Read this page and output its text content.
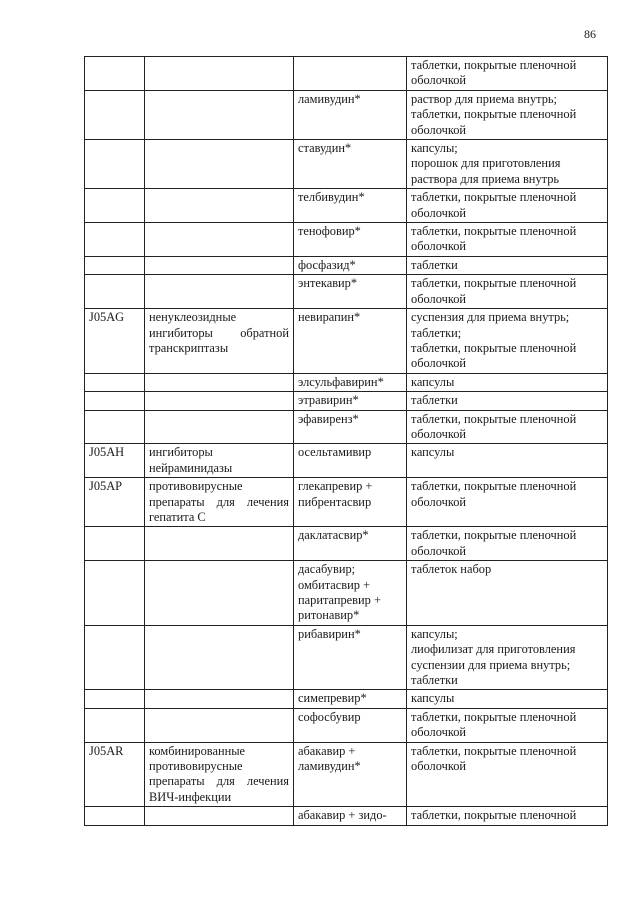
86

			таблетки, покрытые пленочной
оболочкой

		ламивудин*	раствор для приема внутрь;
таблетки, покрытые пленочной
оболочкой

		ставудин*	капсулы;
порошок для приготовления
раствора для приема внутрь

		телбивудин*	таблетки, покрытые пленочной
оболочкой

		тенофовир*	таблетки, покрытые пленочной
оболочкой

		фосфазид*	таблетки

		энтекавир*	таблетки, покрытые пленочной
оболочкой

J05AG	ненуклеозидные ингибиторы обратной транскриптазы	невирапин*	суспензия для приема внутрь;
таблетки;
таблетки, покрытые пленочной
оболочкой

		элсульфавирин*	капсулы

		этравирин*	таблетки

		эфавиренз*	таблетки, покрытые пленочной
оболочкой

J05AH	ингибиторы нейраминидазы	осельтамивир	капсулы

J05AP	противовирусные препараты для лечения гепатита С	глекапревир + пибрентасвир	таблетки, покрытые пленочной
оболочкой

		даклатасвир*	таблетки, покрытые пленочной
оболочкой

		дасабувир; омбитасвир + паритапревир + ритонавир*	таблеток набор

		рибавирин*	капсулы;
лиофилизат для приготовления
суспензии для приема внутрь;
таблетки

		симепревир*	капсулы

		софосбувир	таблетки, покрытые пленочной
оболочкой

J05AR	комбинированные противовирусные препараты для лечения ВИЧ-инфекции	абакавир + ламивудин*	таблетки, покрытые пленочной
оболочкой

		абакавир + зидо-	таблетки, покрытые пленочной
